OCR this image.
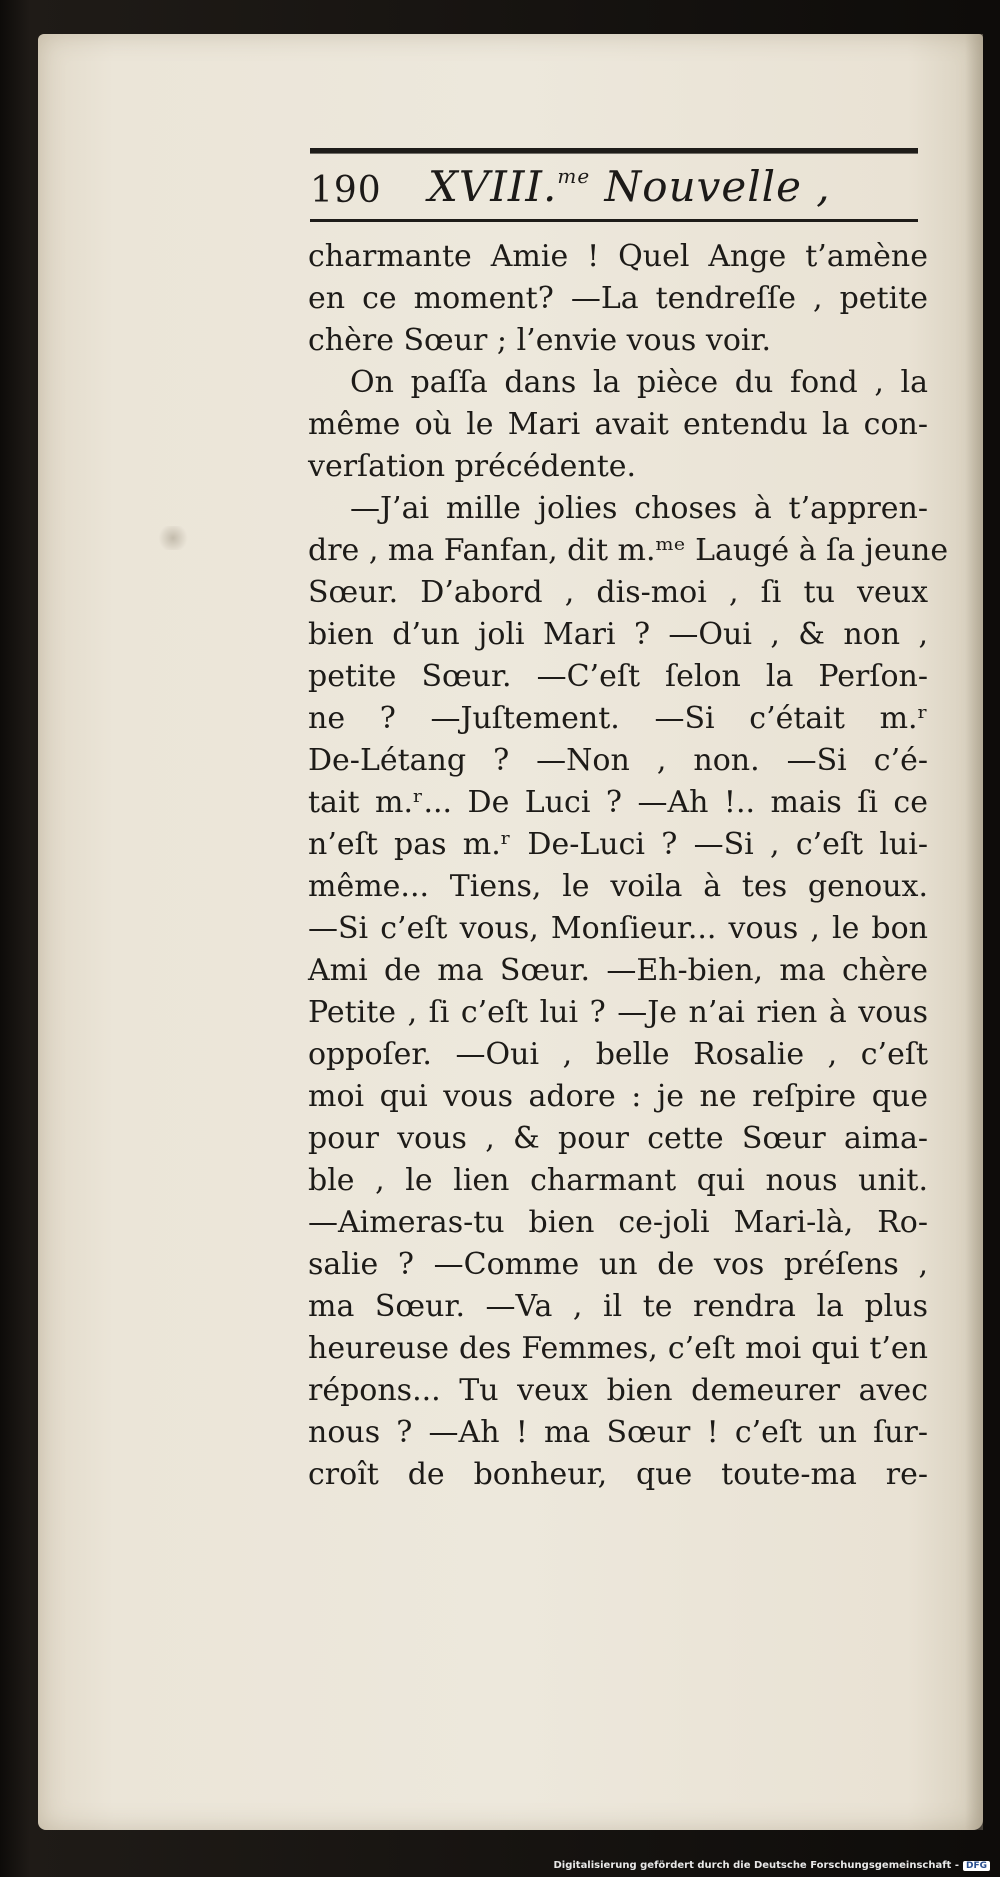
190 XVIII.$^{me}$ Nouvelle ,
charmante Amie ! Quel Ange t’amène
en ce moment? —La tendreſſe , petite
chère Sœur ; l’envie vous voir.
On paſſa dans la pièce du fond , la
même où le Mari avait entendu la con-
verſation précédente.
—J’ai mille jolies choses à t’appren-
dre , ma Fanfan, dit m.ᵐᵉ Laugé à ſa jeune
Sœur. D’abord , dis-moi , ſi tu veux
bien d’un joli Mari ? —Oui , & non ,
petite Sœur. —C’eſt ſelon la Perſon-
ne ? —Juſtement. —Si c’était m.ʳ
De-Létang ? —Non , non. —Si c’é-
tait m.ʳ... De Luci ? —Ah !.. mais ſi ce
n’eſt pas m.ʳ De-Luci ? —Si , c’eſt lui-
même... Tiens, le voila à tes genoux.
—Si c’eſt vous, Monſieur... vous , le bon
Ami de ma Sœur. —Eh-bien, ma chère
Petite , ſi c’eſt lui ? —Je n’ai rien à vous
oppoſer. —Oui , belle Rosalie , c’eſt
moi qui vous adore : je ne reſpire que
pour vous , & pour cette Sœur aima-
ble , le lien charmant qui nous unit.
—Aimeras-tu bien ce-joli Mari-là, Ro-
salie ? —Comme un de vos préſens ,
ma Sœur. —Va , il te rendra la plus
heureuse des Femmes, c’eſt moi qui t’en
répons... Tu veux bien demeurer avec
nous ? —Ah ! ma Sœur ! c’eſt un ſur-
croît de bonheur, que toute-ma re-
Digitalisierung gefördert durch die Deutsche Forschungsgemeinschaft - DFG
